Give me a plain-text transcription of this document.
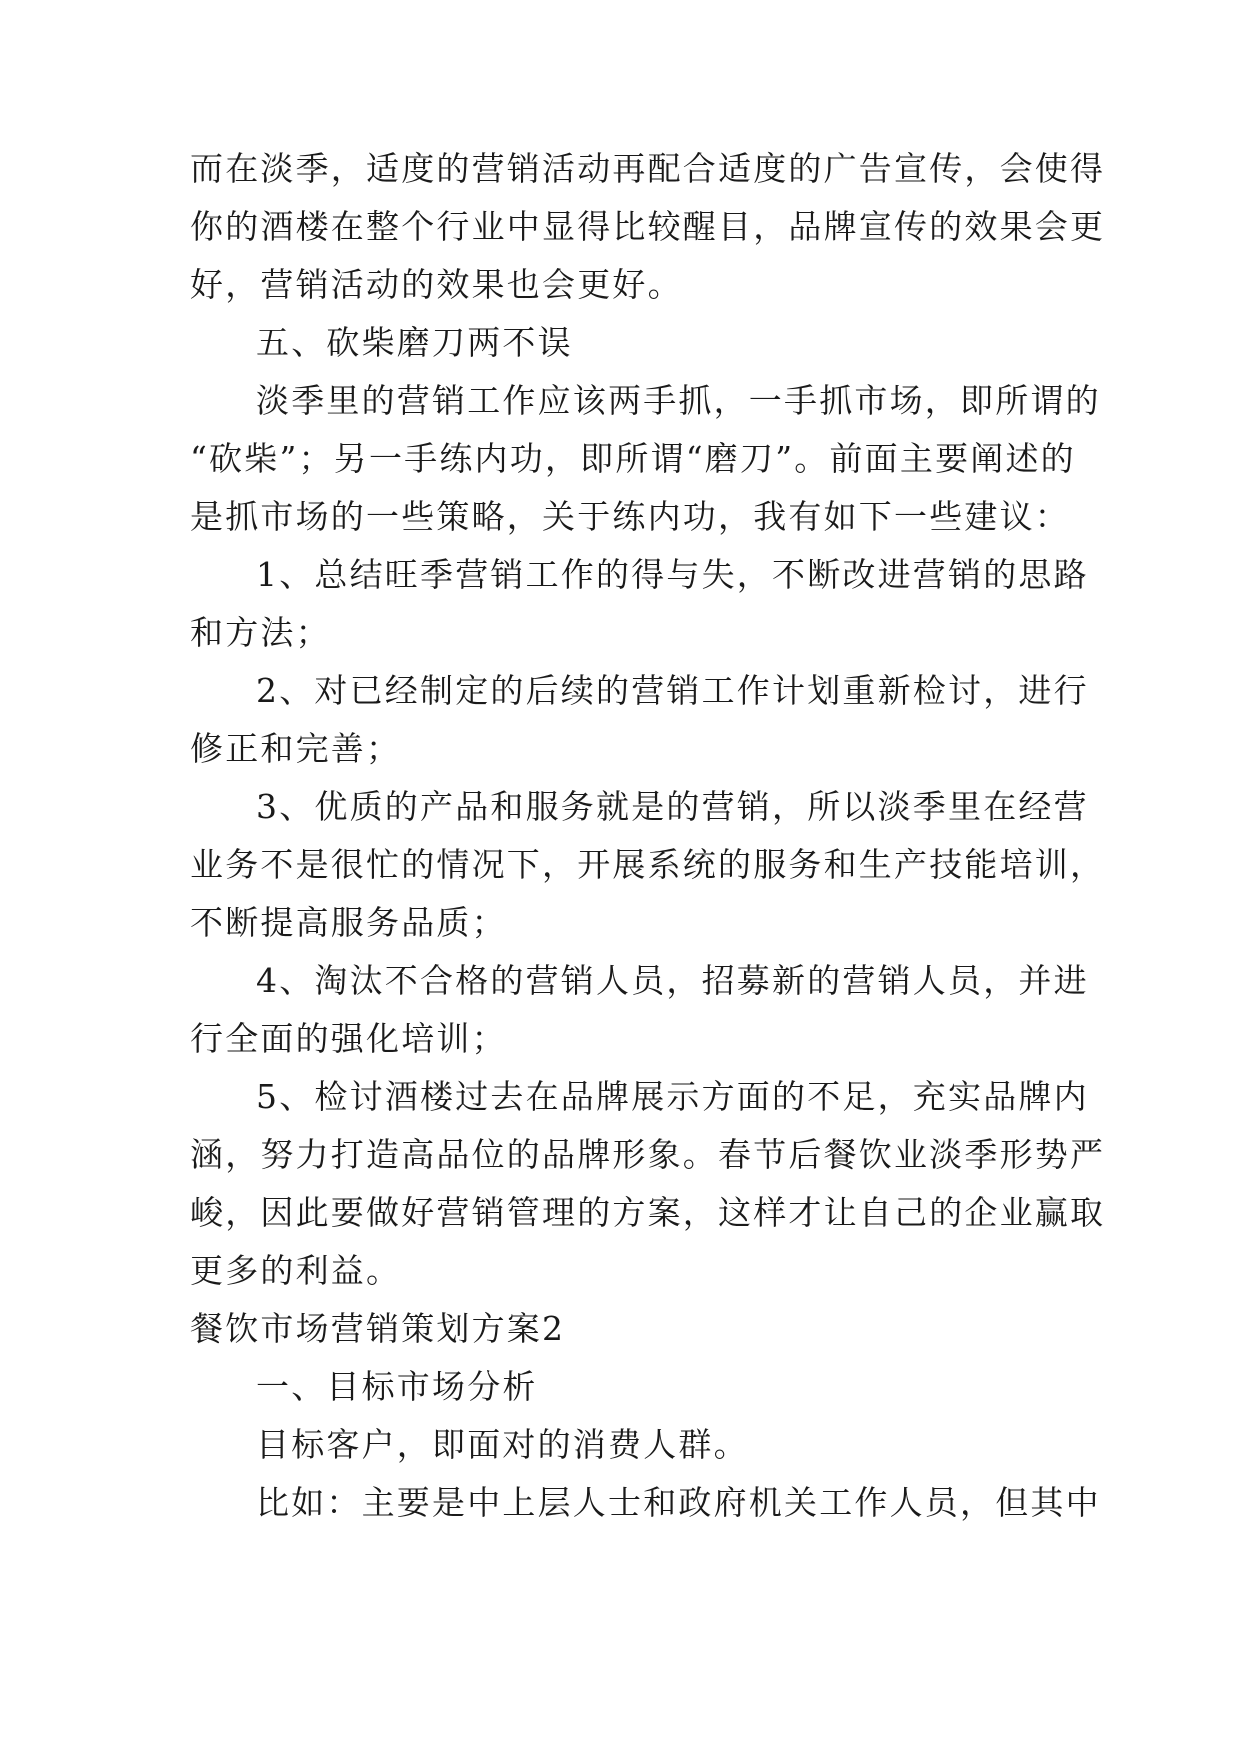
而在淡季，适度的营销活动再配合适度的广告宣传，会使得
你的酒楼在整个行业中显得比较醒目，品牌宣传的效果会更
好，营销活动的效果也会更好。
五、砍柴磨刀两不误
淡季里的营销工作应该两手抓，一手抓市场，即所谓的
“砍柴”；另一手练内功，即所谓“磨刀”。前面主要阐述的
是抓市场的一些策略，关于练内功，我有如下一些建议：
1、总结旺季营销工作的得与失，不断改进营销的思路
和方法；
2、对已经制定的后续的营销工作计划重新检讨，进行
修正和完善；
3、优质的产品和服务就是的营销，所以淡季里在经营
业务不是很忙的情况下，开展系统的服务和生产技能培训，
不断提高服务品质；
4、淘汰不合格的营销人员，招募新的营销人员，并进
行全面的强化培训；
5、检讨酒楼过去在品牌展示方面的不足，充实品牌内
涵，努力打造高品位的品牌形象。春节后餐饮业淡季形势严
峻，因此要做好营销管理的方案，这样才让自己的企业赢取
更多的利益。
餐饮市场营销策划方案2
一、目标市场分析
目标客户，即面对的消费人群。
比如：主要是中上层人士和政府机关工作人员，但其中
